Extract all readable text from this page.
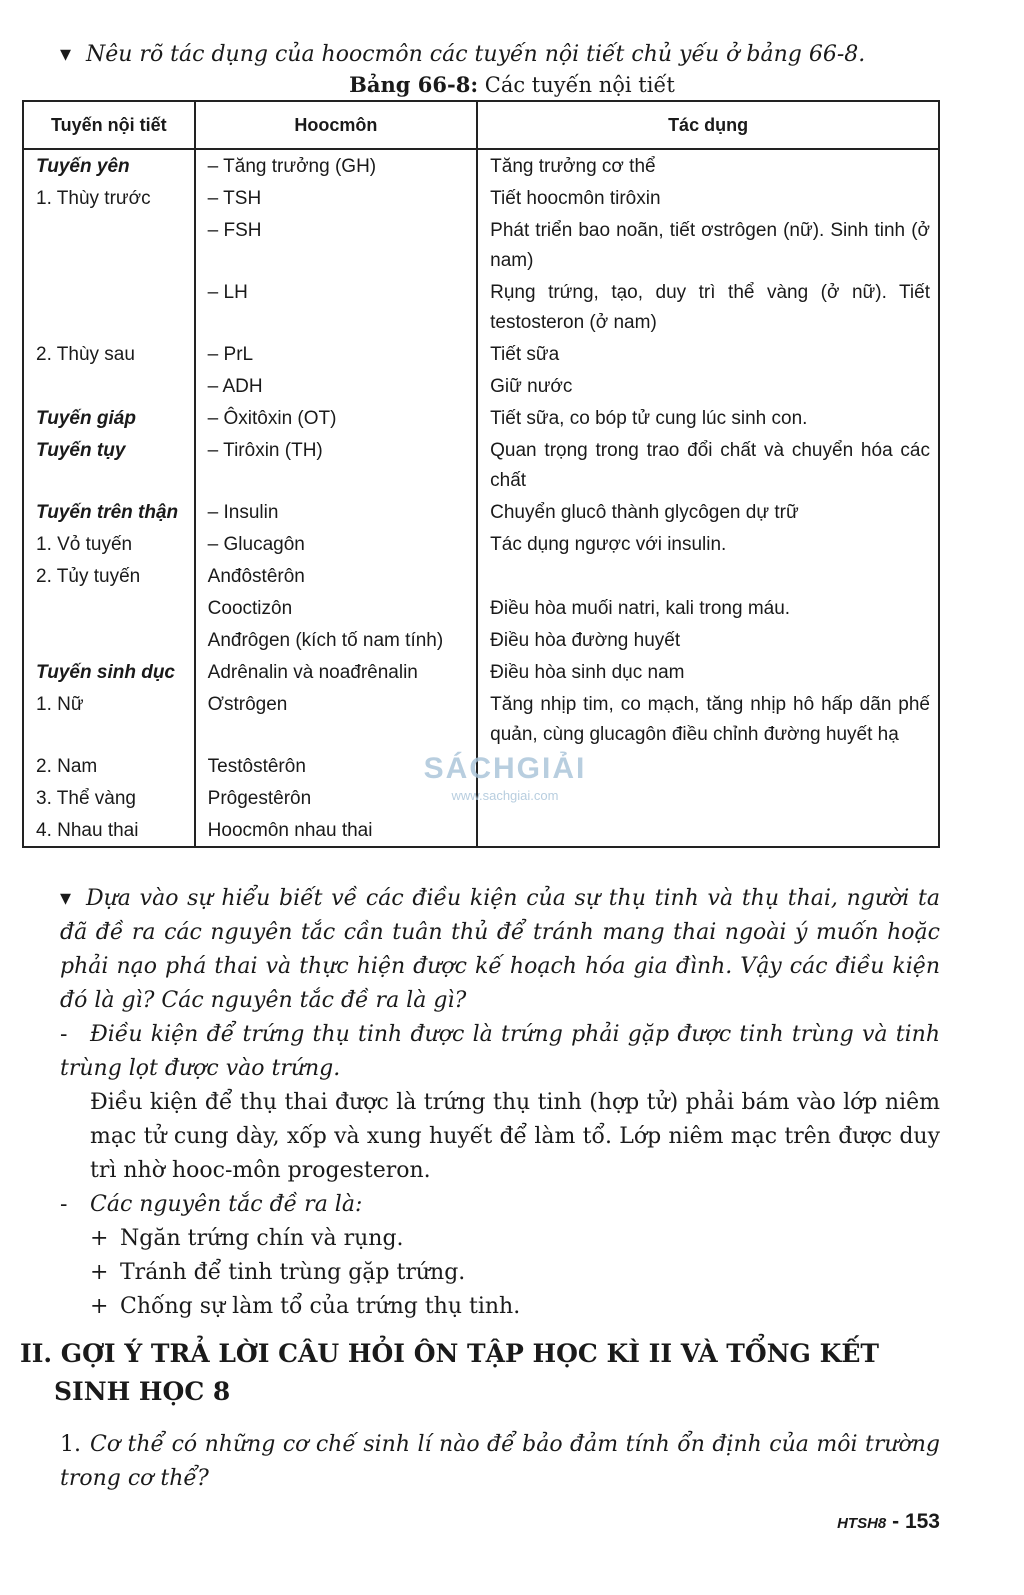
▾ Nêu rõ tác dụng của hoocmôn các tuyến nội tiết chủ yếu ở bảng 66-8.
Bảng 66-8: Các tuyến nội tiết
Tuyến nội tiết	Hoocmôn	Tác dụng
Tuyến yên	– Tăng trưởng (GH)	Tăng trưởng cơ thể
1. Thùy trước	– TSH	Tiết hoocmôn tirôxin
	– FSH	Phát triển bao noãn, tiết ơstrôgen (nữ). Sinh tinh (ở nam)
	– LH	Rụng trứng, tạo, duy trì thể vàng (ở nữ). Tiết testosteron (ở nam)
2. Thùy sau	– PrL	Tiết sữa
	– ADH	Giữ nước
Tuyến giáp	– Ôxitôxin (OT)	Tiết sữa, co bóp tử cung lúc sinh con.
Tuyến tụy	– Tirôxin (TH)	Quan trọng trong trao đổi chất và chuyển hóa các chất
Tuyến trên thận	– Insulin	Chuyển glucô thành glycôgen dự trữ
1. Vỏ tuyến	– Glucagôn	Tác dụng ngược với insulin.
2. Tủy tuyến	Anđôstêrôn	
	Cooctizôn	Điều hòa muối natri, kali trong máu.
	Anđrôgen (kích tố nam tính)	Điều hòa đường huyết
Tuyến sinh dục	Adrênalin và noađrênalin	Điều hòa sinh dục nam
1. Nữ	Ơstrôgen	Tăng nhịp tim, co mạch, tăng nhịp hô hấp dãn phế quản, cùng glucagôn điều chỉnh đường huyết hạ
2. Nam	Testôstêrôn	
3. Thể vàng	Prôgestêrôn	
4. Nhau thai	Hoocmôn nhau thai	
SÁCHGIẢI
www.sachgiai.com
▾ Dựa vào sự hiểu biết về các điều kiện của sự thụ tinh và thụ thai, người ta đã đề ra các nguyên tắc cần tuân thủ để tránh mang thai ngoài ý muốn hoặc phải nạo phá thai và thực hiện được kế hoạch hóa gia đình. Vậy các điều kiện đó là gì? Các nguyên tắc đề ra là gì?
- Điều kiện để trứng thụ tinh được là trứng phải gặp được tinh trùng và tinh trùng lọt được vào trứng.
Điều kiện để thụ thai được là trứng thụ tinh (hợp tử) phải bám vào lớp niêm mạc tử cung dày, xốp và xung huyết để làm tổ. Lớp niêm mạc trên được duy trì nhờ hooc-môn progesteron.
- Các nguyên tắc đề ra là:
+ Ngăn trứng chín và rụng.
+ Tránh để tinh trùng gặp trứng.
+ Chống sự làm tổ của trứng thụ tinh.
II. GỢI Ý TRẢ LỜI CÂU HỎI ÔN TẬP HỌC KÌ II VÀ TỔNG KẾT
SINH HỌC 8
1. Cơ thể có những cơ chế sinh lí nào để bảo đảm tính ổn định của môi trường trong cơ thể?
HTSH8 - 153
